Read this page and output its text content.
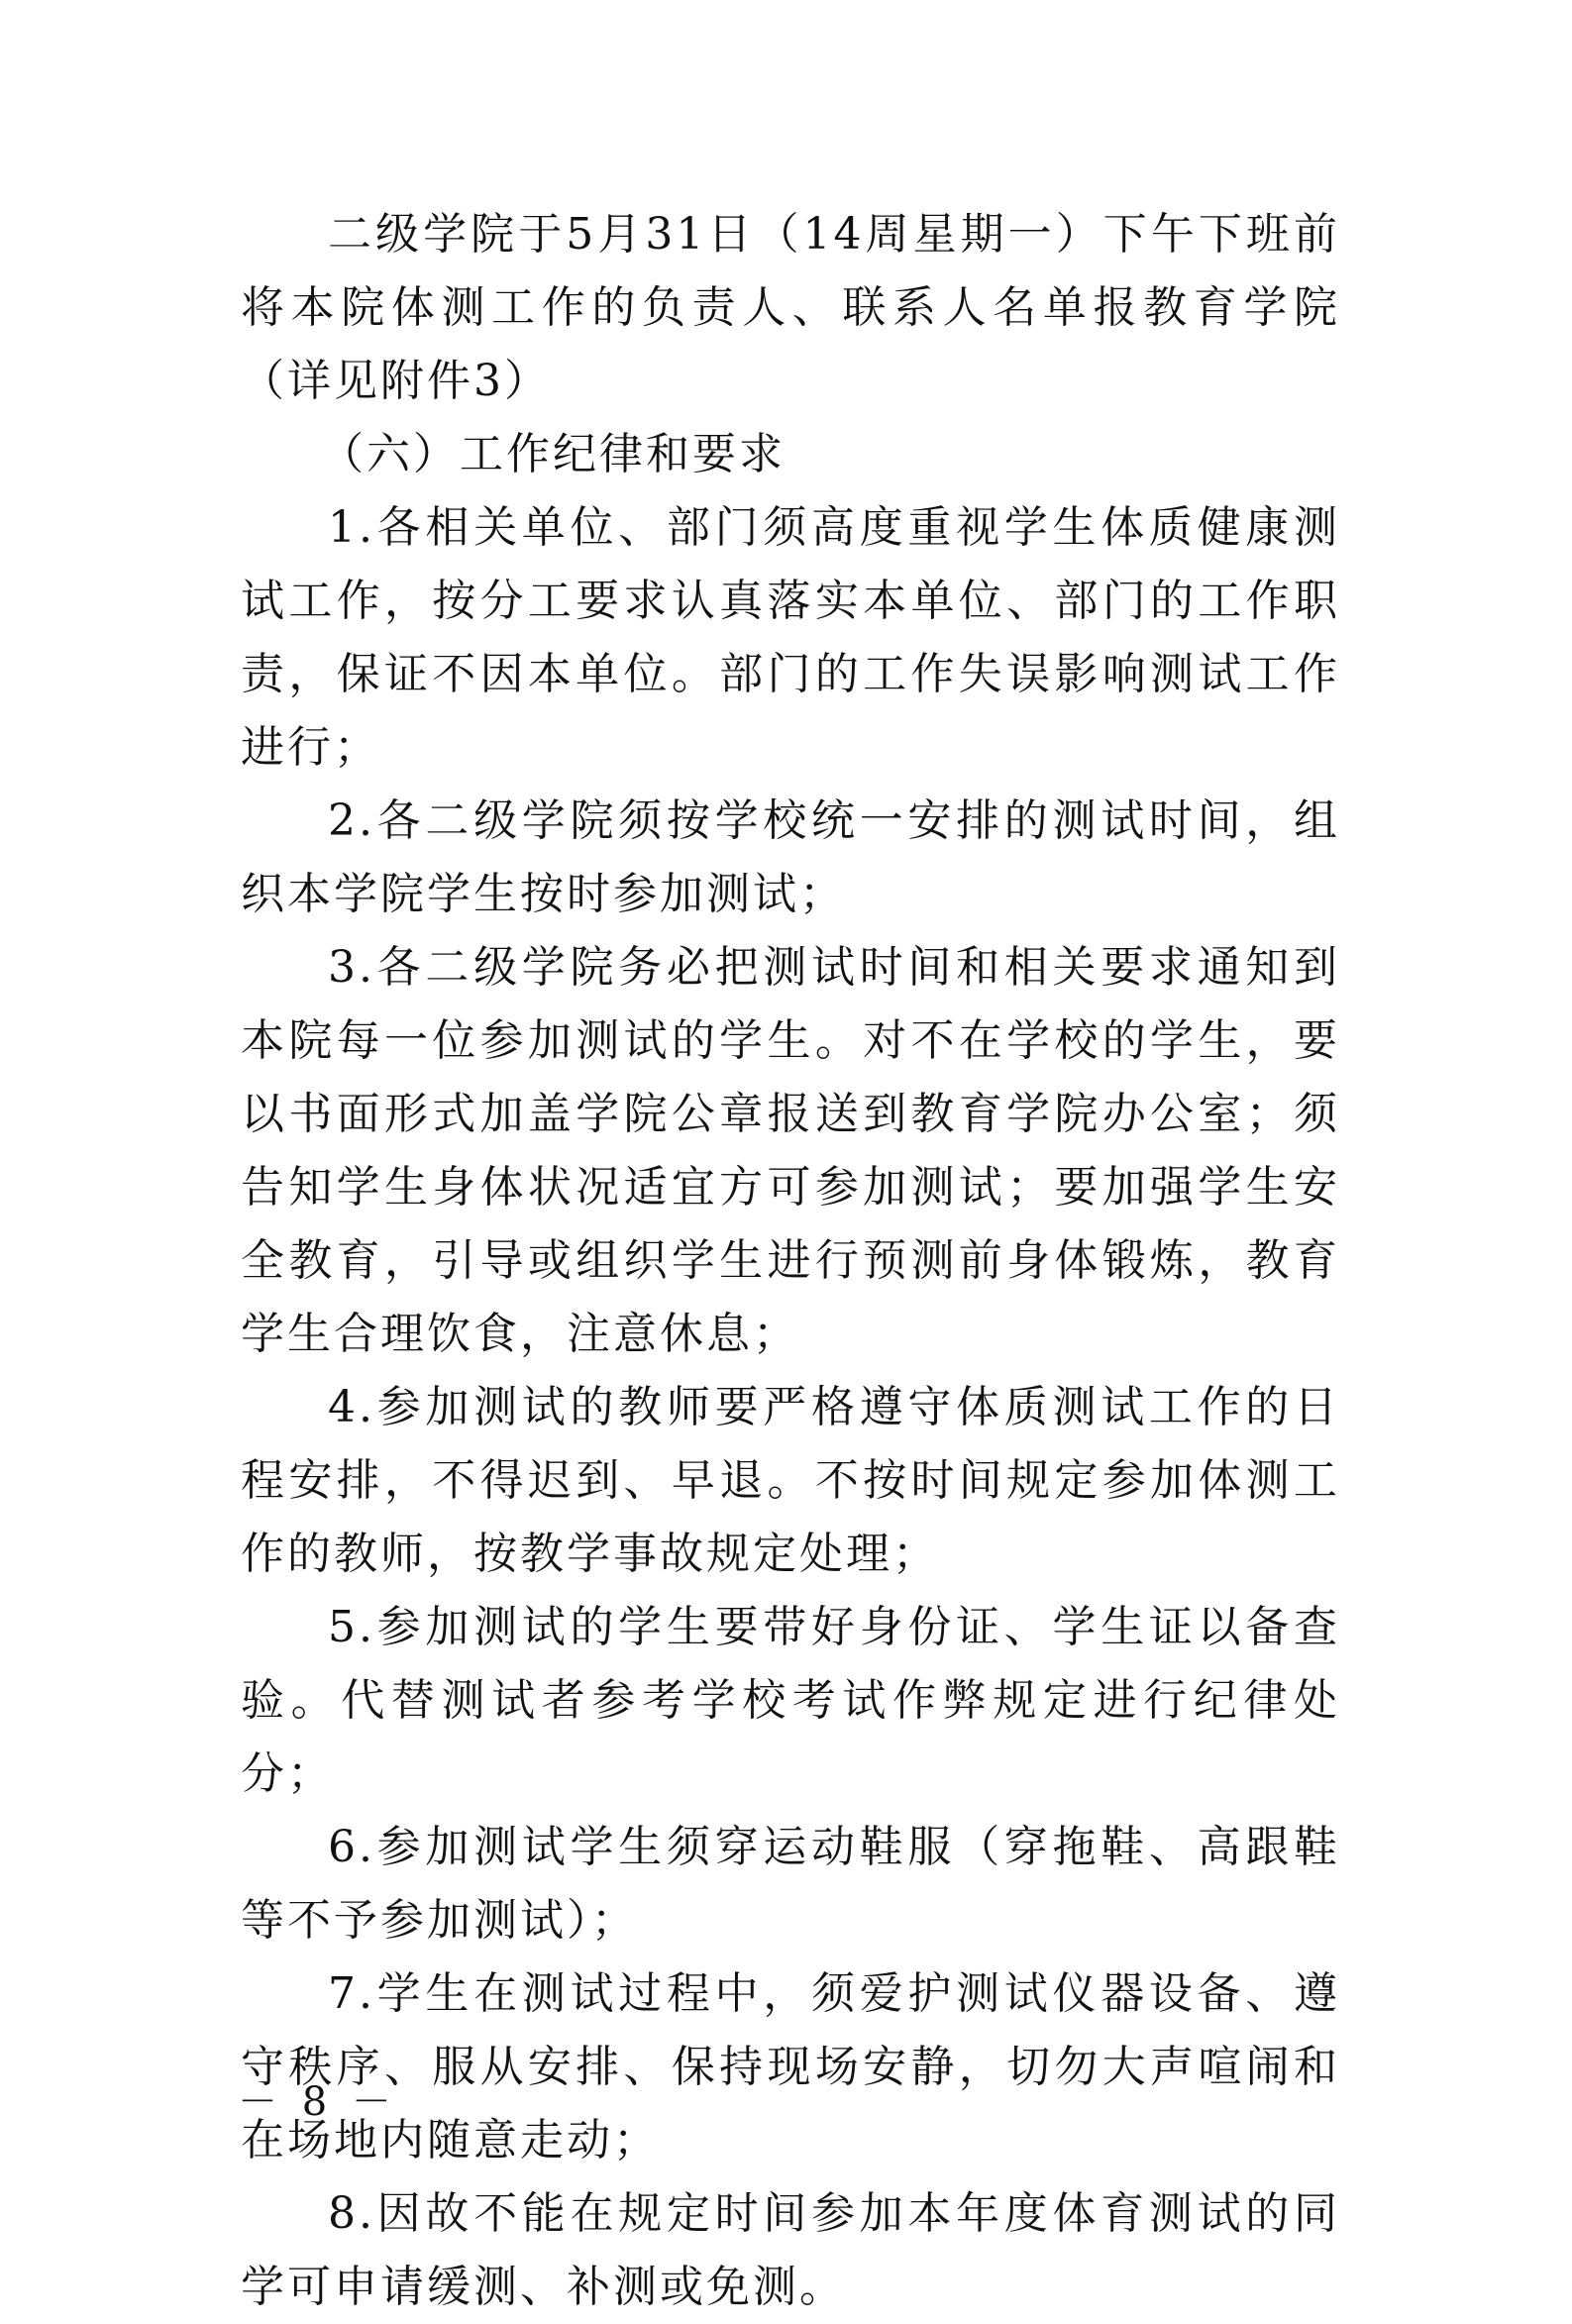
二级学院于5月31日（14周星期一）下午下班前将本院体测工作的负责人、联系人名单报教育学院（详见附件3）

（六）工作纪律和要求

1.各相关单位、部门须高度重视学生体质健康测试工作，按分工要求认真落实本单位、部门的工作职责，保证不因本单位。部门的工作失误影响测试工作进行；

2.各二级学院须按学校统一安排的测试时间，组织本学院学生按时参加测试；

3.各二级学院务必把测试时间和相关要求通知到本院每一位参加测试的学生。对不在学校的学生，要以书面形式加盖学院公章报送到教育学院办公室；须告知学生身体状况适宜方可参加测试；要加强学生安全教育，引导或组织学生进行预测前身体锻炼，教育学生合理饮食，注意休息；

4.参加测试的教师要严格遵守体质测试工作的日程安排，不得迟到、早退。不按时间规定参加体测工作的教师，按教学事故规定处理；

5.参加测试的学生要带好身份证、学生证以备查验。代替测试者参考学校考试作弊规定进行纪律处分；

6.参加测试学生须穿运动鞋服（穿拖鞋、高跟鞋等不予参加测试）；

7.学生在测试过程中，须爱护测试仪器设备、遵守秩序、服从安排、保持现场安静，切勿大声喧闹和在场地内随意走动；

8.因故不能在规定时间参加本年度体育测试的同学可申请缓测、补测或免测。

－ 8 －
